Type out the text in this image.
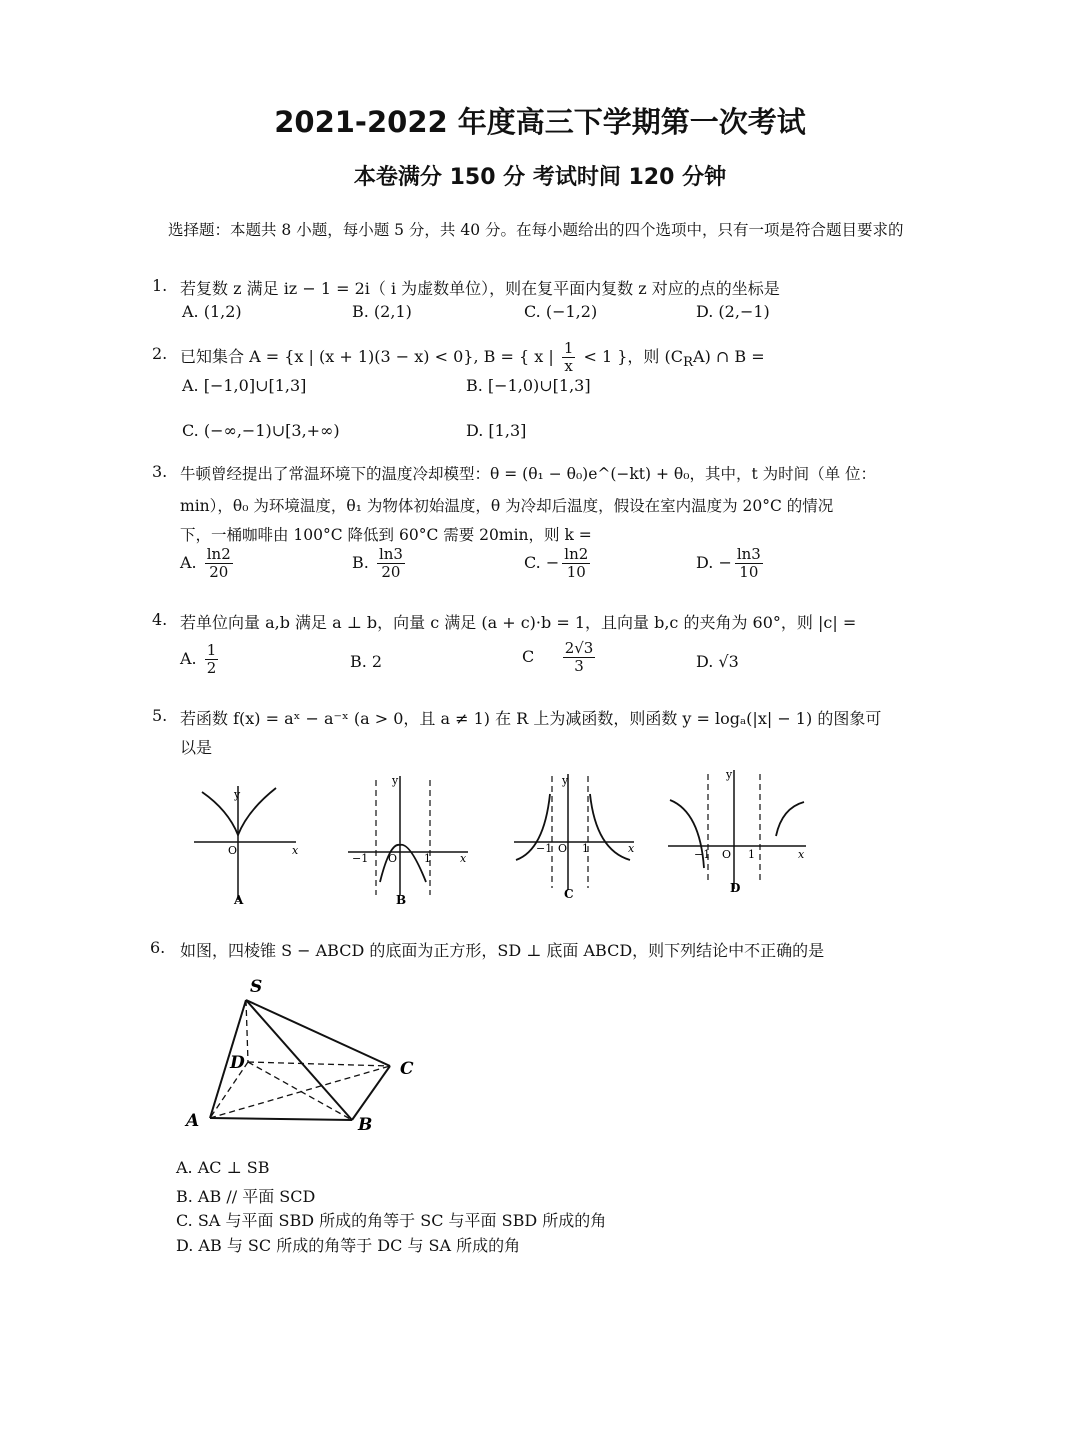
2021-2022 年度高三下学期第一次考试
本卷满分 150 分 考试时间 120 分钟
选择题：本题共 8 小题，每小题 5 分，共 40 分。在每小题给出的四个选项中，只有一项是符合题目要求的
1. 若复数 z 满足 iz − 1 = 2i（ i 为虚数单位），则在复平面内复数 z 对应的点的坐标是
A. (1,2)	B. (2,1)	C. (−1,2)	D. (2,−1)
2. 已知集合 A = {x | (x + 1)(3 − x) < 0}, B = { x | $\frac{1}{x} < 1$ }，则 $(C_RA)$ ∩ B =
A. [−1,0]∪[1,3]	B. [−1,0)∪[1,3]
C. (−∞,−1)∪[3,+∞)	D. [1,3]
3. 牛顿曾经提出了常温环境下的温度冷却模型：θ = (θ₁ − θ₀)e^(−kt) + θ₀，其中，t 为时间（单 位：
min），θ₀ 为环境温度，θ₁ 为物体初始温度，θ 为冷却后温度，假设在室内温度为 20°C 的情况
下，一桶咖啡由 100°C 降低到 60°C 需要 20min，则 k =
A. $\frac{\ln 2}{20}$	B. $\frac{\ln 3}{20}$	C. − $\frac{\ln 2}{10}$	D. − $\frac{\ln 3}{10}$
4. 若单位向量 a,b 满足 a ⊥ b，向量 c 满足 (a + c)·b = 1，且向量 b,c 的夹角为 60°，则 |c| =
A. $\frac{1}{2}$	B. 2	C $\frac{2√3}{3}$	D. √3
5. 若函数 f(x) = aˣ − a⁻ˣ (a > 0，且 a ≠ 1) 在 R 上为减函数，则函数 y = logₐ(|x| − 1) 的图象可
以是
y
x
O
A
y
x
−1 O 1
B
y
x
−1 O 1
C
y
x
−1 O 1
D
6. 如图，四棱锥 S − ABCD 的底面为正方形，SD ⊥ 底面 ABCD，则下列结论中不正确的是
S
D	C
A	B
A. AC ⊥ SB
B. AB // 平面 SCD
C. SA 与平面 SBD 所成的角等于 SC 与平面 SBD 所成的角
D. AB 与 SC 所成的角等于 DC 与 SA 所成的角
